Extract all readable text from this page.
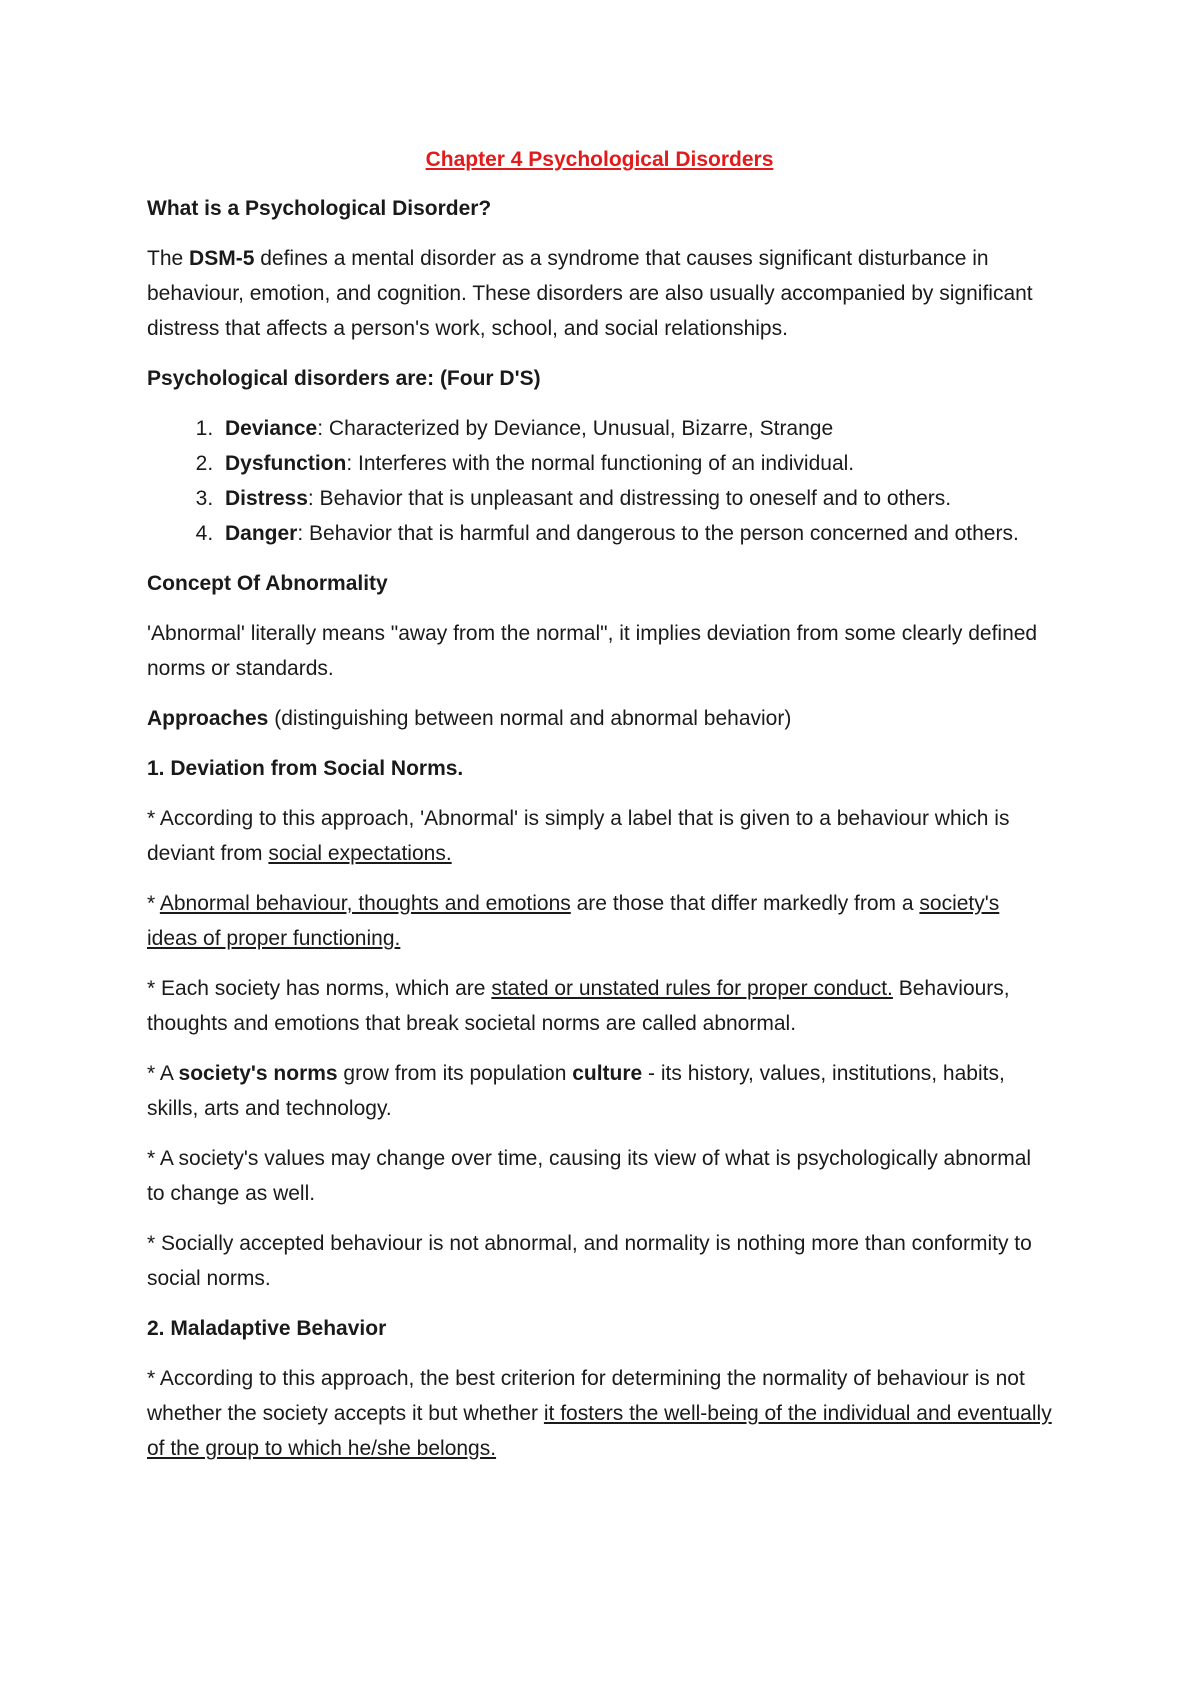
Chapter 4 Psychological Disorders

What is a Psychological Disorder?

The DSM-5 defines a mental disorder as a syndrome that causes significant disturbance in behaviour, emotion, and cognition. These disorders are also usually accompanied by significant distress that affects a person's work, school, and social relationships.

Psychological disorders are: (Four D'S)

1. Deviance: Characterized by Deviance, Unusual, Bizarre, Strange
2. Dysfunction: Interferes with the normal functioning of an individual.
3. Distress: Behavior that is unpleasant and distressing to oneself and to others.
4. Danger: Behavior that is harmful and dangerous to the person concerned and others.

Concept Of Abnormality

'Abnormal' literally means "away from the normal", it implies deviation from some clearly defined norms or standards.

Approaches (distinguishing between normal and abnormal behavior)

1. Deviation from Social Norms.

* According to this approach, 'Abnormal' is simply a label that is given to a behaviour which is deviant from social expectations.

* Abnormal behaviour, thoughts and emotions are those that differ markedly from a society's ideas of proper functioning.

* Each society has norms, which are stated or unstated rules for proper conduct. Behaviours, thoughts and emotions that break societal norms are called abnormal.

* A society's norms grow from its population culture - its history, values, institutions, habits, skills, arts and technology.

* A society's values may change over time, causing its view of what is psychologically abnormal to change as well.

* Socially accepted behaviour is not abnormal, and normality is nothing more than conformity to social norms.

2. Maladaptive Behavior

* According to this approach, the best criterion for determining the normality of behaviour is not whether the society accepts it but whether it fosters the well-being of the individual and eventually of the group to which he/she belongs.
